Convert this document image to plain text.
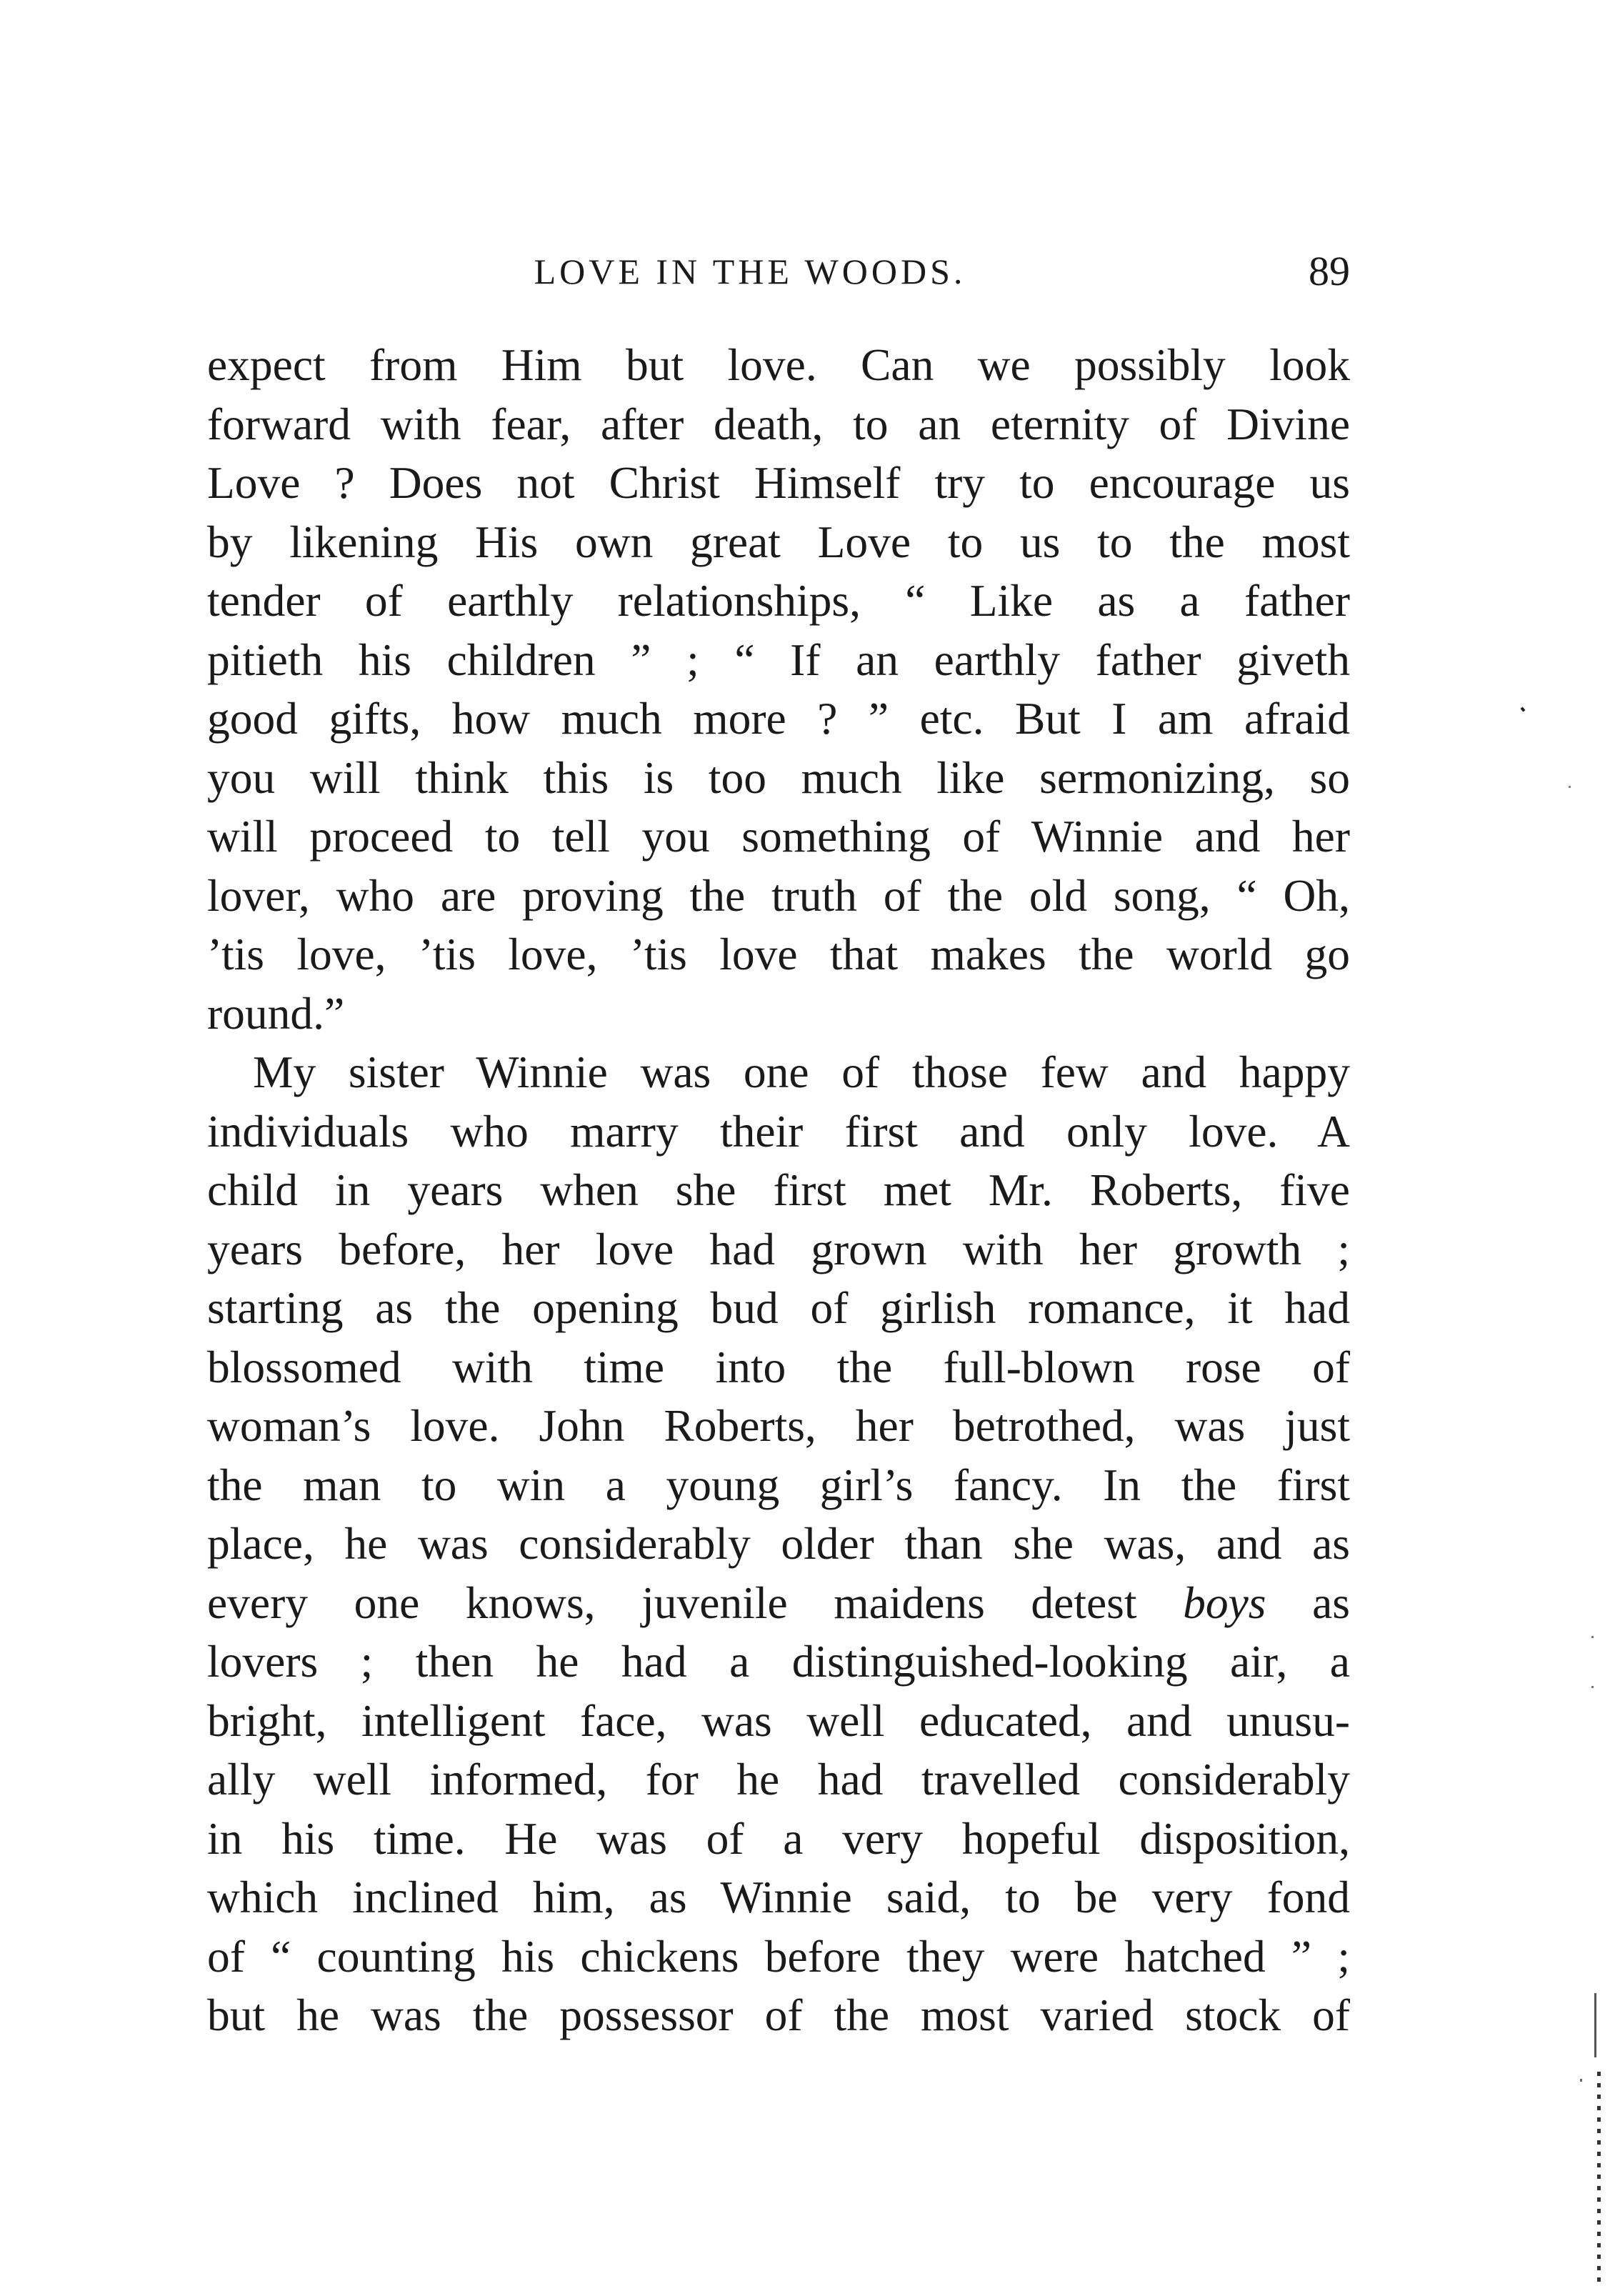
LOVE IN THE WOODS.	89
expect from Him but love. Can we possibly look
forward with fear, after death, to an eternity of Divine
Love ? Does not Christ Himself try to encourage us
by likening His own great Love to us to the most
tender of earthly relationships, “ Like as a father
pitieth his children ” ; “ If an earthly father giveth
good gifts, how much more ? ” etc. But I am afraid
you will think this is too much like sermonizing, so
will proceed to tell you something of Winnie and her
lover, who are proving the truth of the old song, “ Oh,
’tis love, ’tis love, ’tis love that makes the world go
round.”
My sister Winnie was one of those few and happy
individuals who marry their first and only love. A
child in years when she first met Mr. Roberts, five
years before, her love had grown with her growth ;
starting as the opening bud of girlish romance, it had
blossomed with time into the full-blown rose of
woman’s love. John Roberts, her betrothed, was just
the man to win a young girl’s fancy. In the first
place, he was considerably older than she was, and as
every one knows, juvenile maidens detest boys as
lovers ; then he had a distinguished-looking air, a
bright, intelligent face, was well educated, and unusu-
ally well informed, for he had travelled considerably
in his time. He was of a very hopeful disposition,
which inclined him, as Winnie said, to be very fond
of “ counting his chickens before they were hatched ” ;
but he was the possessor of the most varied stock of
